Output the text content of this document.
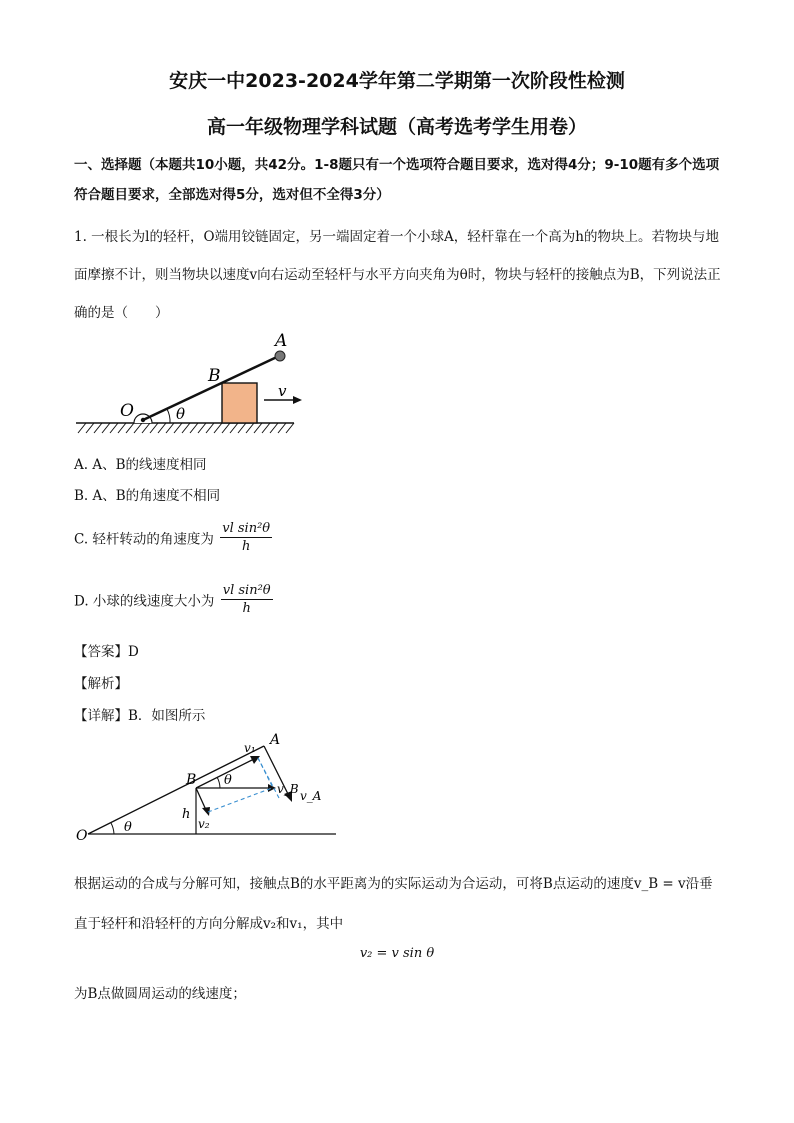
安庆一中2023-2024学年第二学期第一次阶段性检测
高一年级物理学科试题（高考选考学生用卷）
一、选择题（本题共10小题，共42分。1-8题只有一个选项符合题目要求，选对得4分；9-10题有多个选项符合题目要求，全部选对得5分，选对但不全得3分）
1. 一根长为l的轻杆，O端用铰链固定，另一端固定着一个小球A，轻杆靠在一个高为h的物块上。若物块与地面摩擦不计，则当物块以速度v向右运动至轻杆与水平方向夹角为θ时，物块与轻杆的接触点为B，下列说法正确的是（　　）
A
B
O	θ
v
A. A、B的线速度相同
B. A、B的角速度不相同
C. 轻杆转动的角速度为 $\frac{\text{vl sin²θ}}{h}$
D. 小球的线速度大小为 $\frac{\text{vl sin²θ}}{h}$
【答案】D
【解析】
【详解】B．如图所示
A
B
O
h
θ
θ
v₁
v₂
v_B v_A
根据运动的合成与分解可知，接触点B的水平距离为的实际运动为合运动，可将B点运动的速度v_B = v沿垂直于轻杆和沿轻杆的方向分解成v₂和v₁，其中
v₂ = v sin θ
为B点做圆周运动的线速度；
